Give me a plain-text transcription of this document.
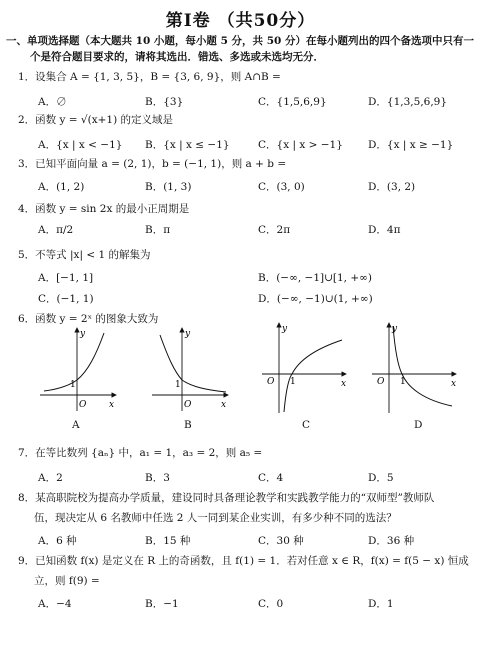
第Ⅰ卷 （共50分）
一、单项选择题（本大题共 10 小题，每小题 5 分，共 50 分）在每小题列出的四个备选项中只有一
个是符合题目要求的，请将其选出．错选、多选或未选均无分．
1．设集合 A = {1, 3, 5}，B = {3, 6, 9}，则 A∩B =
A．∅	B．{3}	C．{1,5,6,9}	D．{1,3,5,6,9}
2．函数 y = √(x+1) 的定义域是
A．{x | x < −1} B．{x | x ≤ −1}	C．{x | x > −1} D．{x | x ≥ −1}
3．已知平面向量 a = (2, 1)，b = (−1, 1)，则 a + b =
A．(1, 2)	B．(1, 3)	C．(3, 0)	D．(3, 2)
4．函数 y = sin 2x 的最小正周期是
A．π/2	B．π	C．2π	D．4π
5．不等式 |x| < 1 的解集为
A．[−1, 1]	B．(−∞, −1]∪[1, +∞)
C．(−1, 1)	D．(−∞, −1)∪(1, +∞)
6．函数 y = 2ˣ 的图象大致为
y
x
O
1
A
y
x
O
1
B
y
x
O 1
C
y
x
O 1
D
7．在等比数列 {aₙ} 中，a₁ = 1，a₃ = 2，则 a₅ =
A．2	B．3	C．4	D．5
8．某高职院校为提高办学质量，建设同时具备理论教学和实践教学能力的“双师型”教师队
伍，现决定从 6 名教师中任选 2 人一同到某企业实训，有多少种不同的选法？
A．6 种	B．15 种	C．30 种	D．36 种
9．已知函数 f(x) 是定义在 R 上的奇函数，且 f(1) = 1．若对任意 x ∈ R，f(x) = f(5 − x) 恒成
立，则 f(9) =
A．−4	B．−1	C．0	D．1
